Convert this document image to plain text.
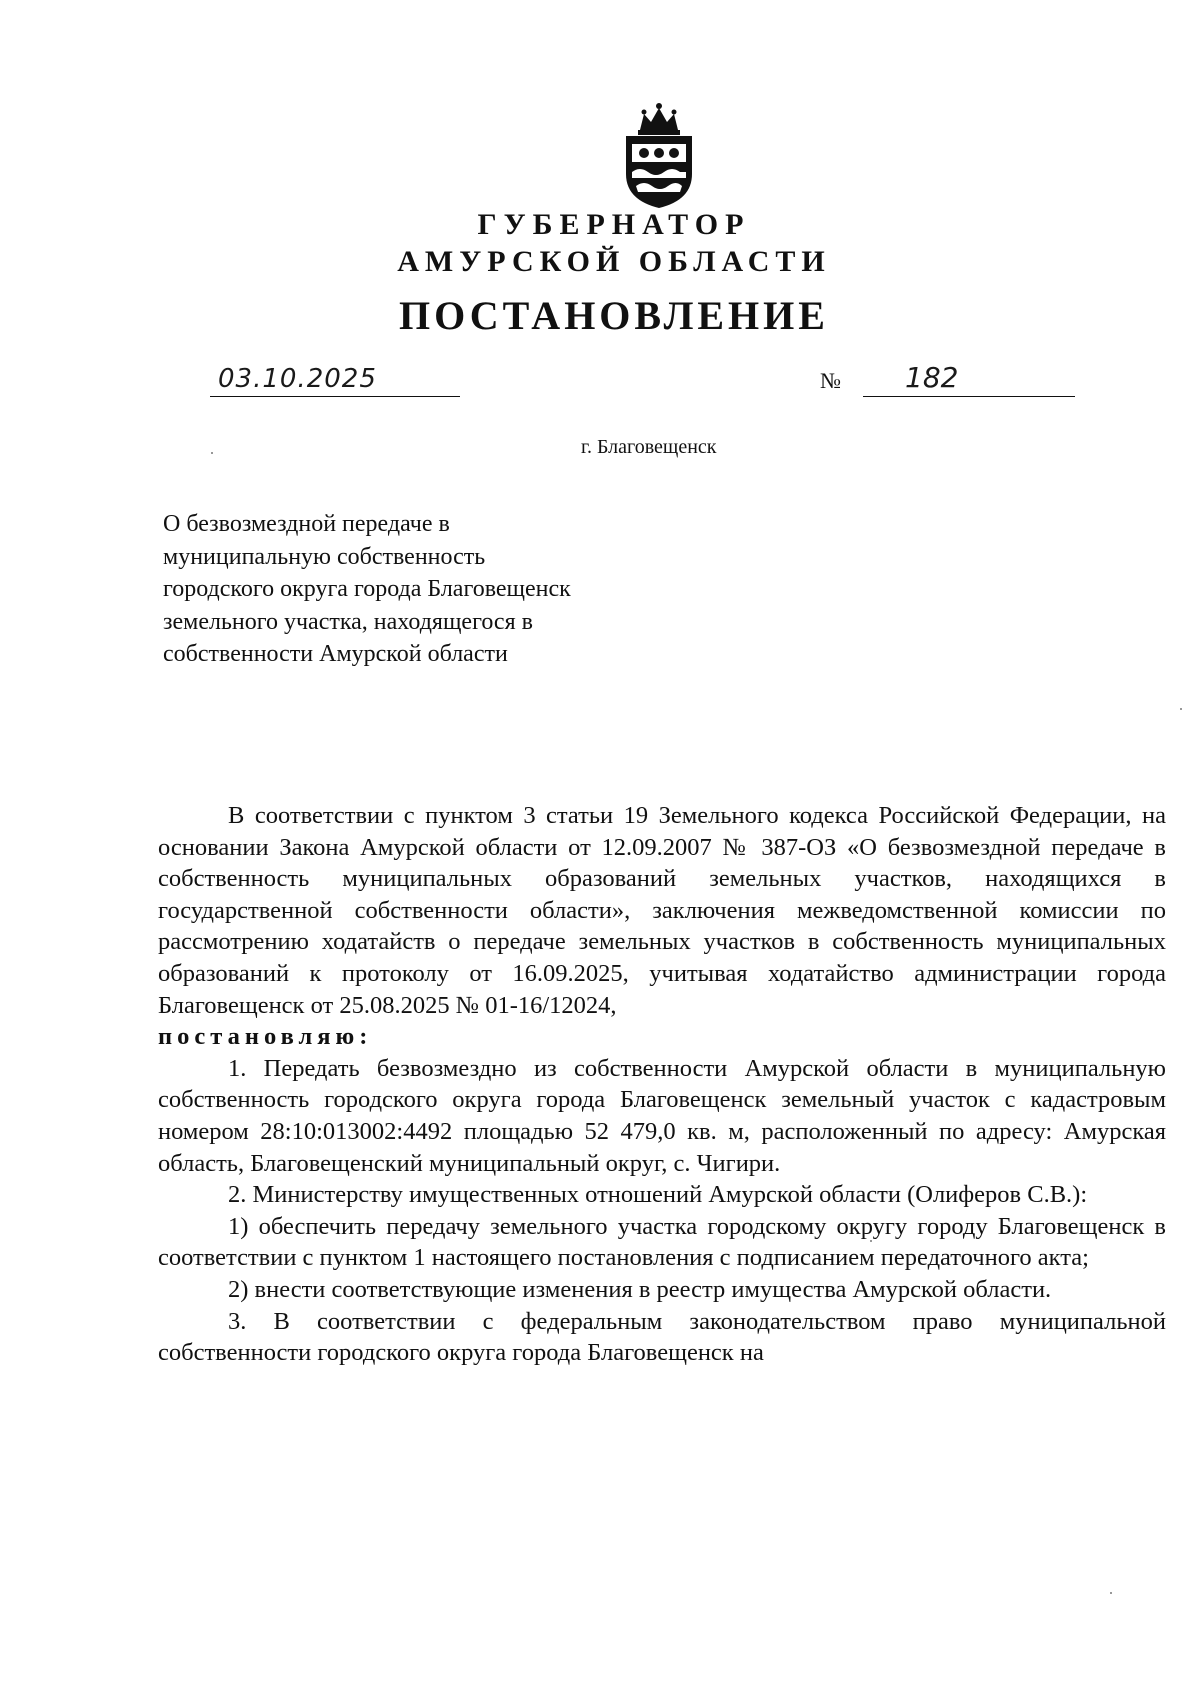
ГУБЕРНАТОР
АМУРСКОЙ ОБЛАСТИ
ПОСТАНОВЛЕНИЕ
03.10.2025	№ 182
г. Благовещенск
О безвозмездной передаче в муниципальную собственность городского округа города Благовещенск земельного участка, находящегося в собственности Амурской области

В соответствии с пунктом 3 статьи 19 Земельного кодекса Российской Федерации, на основании Закона Амурской области от 12.09.2007 № 387-ОЗ «О безвозмездной передаче в собственность муниципальных образований земельных участков, находящихся в государственной собственности области», заключения межведомственной комиссии по рассмотрению ходатайств о передаче земельных участков в собственность муниципальных образований к протоколу от 16.09.2025, учитывая ходатайство администрации города Благовещенск от 25.08.2025 № 01-16/12024,

постановляю:

1. Передать безвозмездно из собственности Амурской области в муниципальную собственность городского округа города Благовещенск земельный участок с кадастровым номером 28:10:013002:4492 площадью 52 479,0 кв. м, расположенный по адресу: Амурская область, Благовещенский муниципальный округ, с. Чигири.

2. Министерству имущественных отношений Амурской области (Олиферов С.В.):

1) обеспечить передачу земельного участка городскому округу городу Благовещенск в соответствии с пунктом 1 настоящего постановления с подписанием передаточного акта;

2) внести соответствующие изменения в реестр имущества Амурской области.

3. В соответствии с федеральным законодательством право муниципальной собственности городского округа города Благовещенск на
